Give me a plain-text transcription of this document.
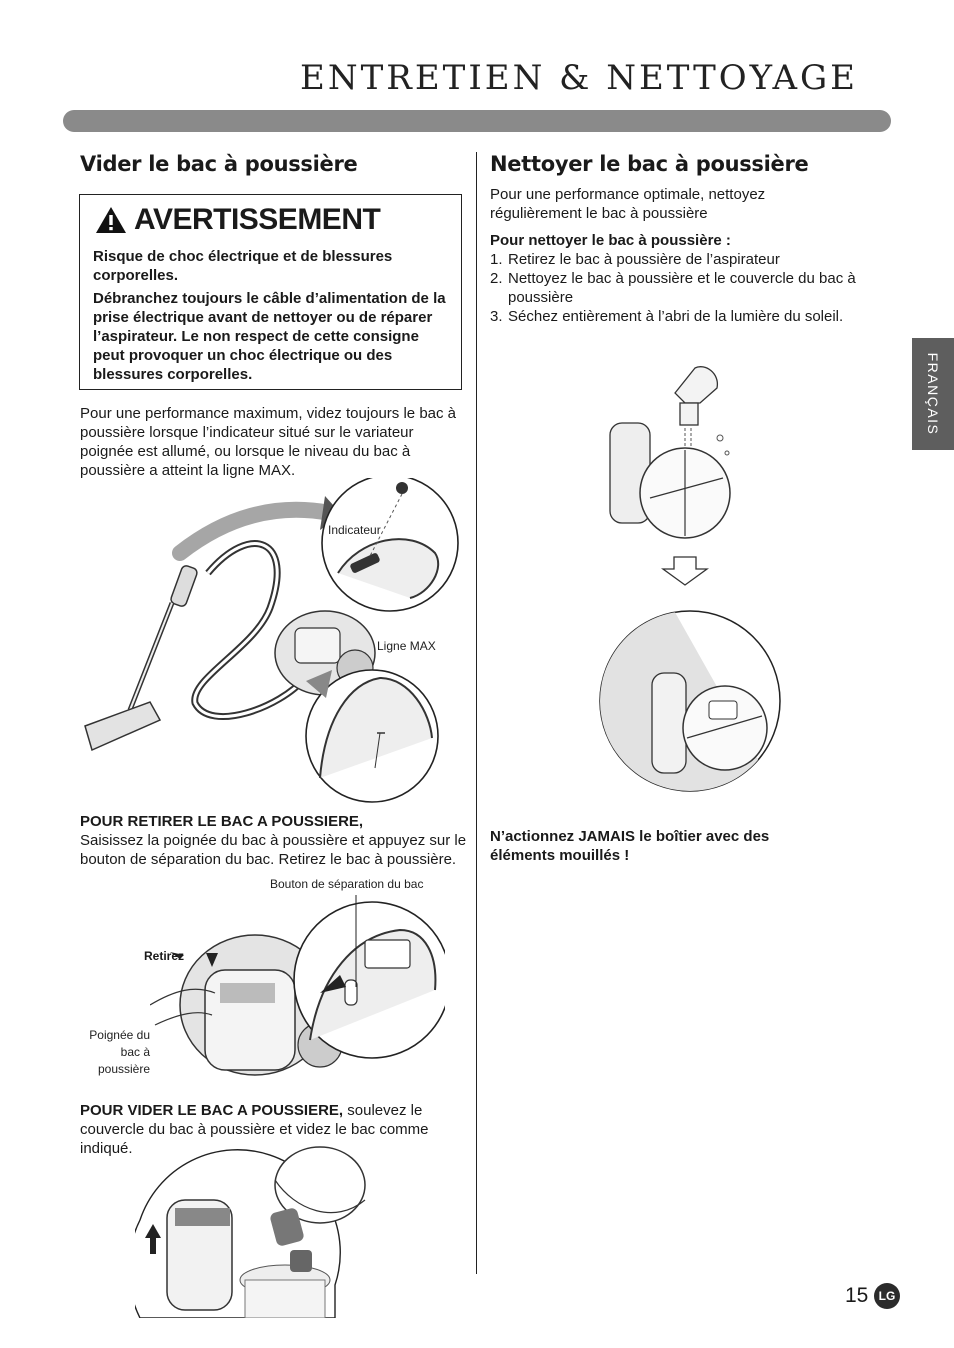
ENTRETIEN & NETTOYAGE
FRANÇAIS
Vider le bac à poussière
AVERTISSEMENT

Risque de choc électrique et de blessures corporelles.

Débranchez toujours le câble d’alimentation de la prise électrique avant de nettoyer ou de réparer l’aspirateur. Le non respect de cette consigne peut provoquer un choc électrique ou des blessures corporelles.

Pour une performance maximum, videz toujours le bac à poussière lorsque l’indicateur situé sur le variateur poignée est allumé, ou lorsque le niveau du bac à poussière a atteint la ligne MAX.

Indicateur
Ligne MAX

POUR RETIRER LE BAC A POUSSIERE,

Saisissez la poignée du bac à poussière et appuyez sur le bouton de séparation du bac. Retirez le bac à poussière.

Bouton de séparation du bac
Retirez
Poignée du bac à poussière

POUR VIDER LE BAC A POUSSIERE, soulevez le couvercle du bac à poussière et videz le bac comme indiqué.

Nettoyer le bac à poussière

Pour une performance optimale, nettoyez régulièrement le bac à poussière

Pour nettoyer le bac à poussière :

1. Retirez le bac à poussière de l’aspirateur
2. Nettoyez le bac à poussière et le couvercle du bac à poussière
3. Séchez entièrement à l’abri de la lumière du soleil.
N’actionnez JAMAIS le boîtier avec des éléments mouillés !
15 LG
